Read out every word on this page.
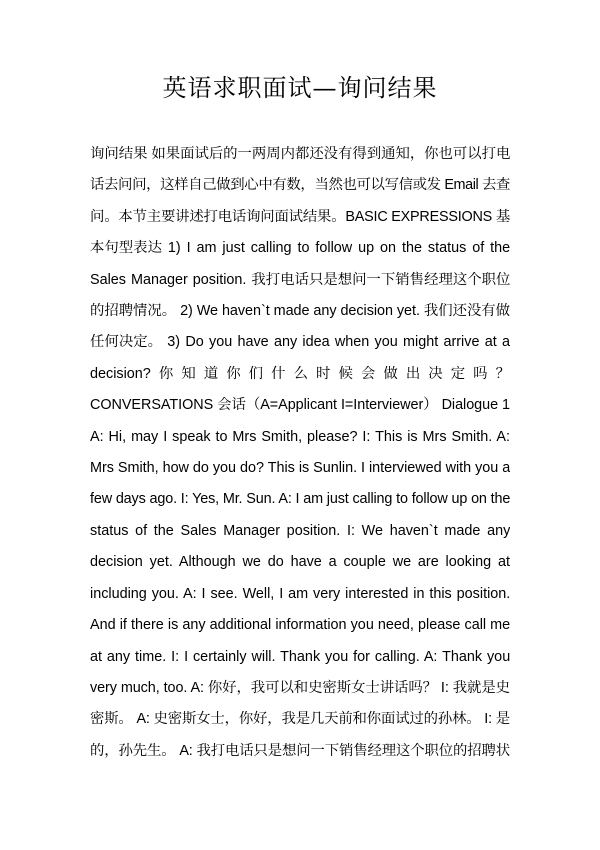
英语求职面试—询问结果
询问结果 如果面试后的一两周内都还没有得到通知，你也可以打电
话去问问，这样自己做到心中有数，当然也可以写信或发 Email 去查
问。本节主要讲述打电话询问面试结果。BASIC EXPRESSIONS 基
本句型表达 1) I am just calling to follow up on the status of the
Sales Manager position. 我打电话只是想问一下销售经理这个职位
的招聘情况。 2) We haven`t made any decision yet. 我们还没有做
任何决定。 3) Do you have any idea when you might arrive at a
decision? 你 知 道 你 们 什 么 时 候 会 做 出 决 定 吗 ？
CONVERSATIONS 会话（A=Applicant I=Interviewer） Dialogue 1
A: Hi, may I speak to Mrs Smith, please? I: This is Mrs Smith. A:
Mrs Smith, how do you do? This is Sunlin. I interviewed with you a
few days ago. I: Yes, Mr. Sun. A: I am just calling to follow up on the
status of the Sales Manager position. I: We haven`t made any
decision yet. Although we do have a couple we are looking at
including you. A: I see. Well, I am very interested in this position.
And if there is any additional information you need, please call me
at any time. I: I certainly will. Thank you for calling. A: Thank you
very much, too. A: 你好，我可以和史密斯女士讲话吗？ I: 我就是史
密斯。 A: 史密斯女士，你好，我是几天前和你面试过的孙林。 I: 是
的，孙先生。 A: 我打电话只是想问一下销售经理这个职位的招聘状
